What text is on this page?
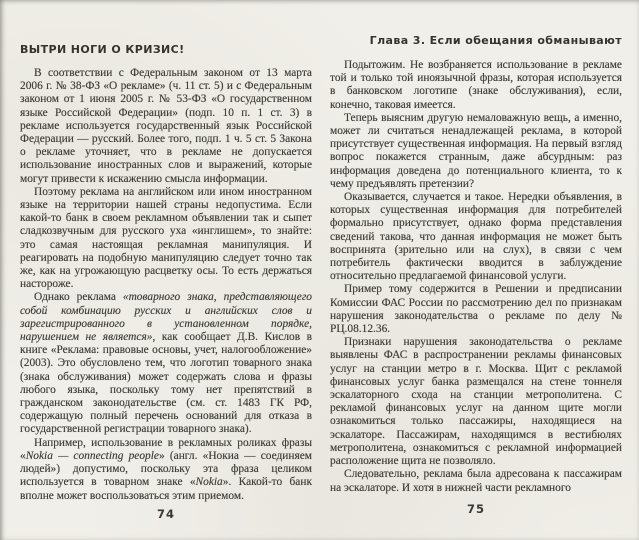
ВЫТРИ НОГИ О КРИЗИС!

В соответствии с Федеральным законом от 13 марта 2006 г. № 38-ФЗ «О рекламе» (ч. 11 ст. 5) и с Федеральным законом от 1 июня 2005 г. № 53-ФЗ «О государственном языке Российской Федерации» (подп. 10 п. 1 ст. 3) в рекламе используется государственный язык Российской Федерации — русский. Более того, подп. 1 ч. 5 ст. 5 Закона о рекламе уточняет, что в рекламе не допускается использование иностранных слов и выражений, которые могут привести к искажению смысла информации.

Поэтому реклама на английском или ином иностранном языке на территории нашей страны недопустима. Если какой-то банк в своем рекламном объявлении так и сыпет сладкозвучным для русского уха «инглишем», то знайте: это самая настоящая рекламная манипуляция. И реагировать на подобную манипуляцию следует точно так же, как на угрожающую расцветку осы. То есть держаться настороже.

Однако реклама «товарного знака, представляющего собой комбинацию русских и английских слов и зарегистрированного в установленном порядке, нарушением не является», как сообщает Д.В. Кислов в книге «Реклама: правовые основы, учет, налогообложение» (2003). Это обусловлено тем, что логотип товарного знака (знака обслуживания) может содержать слова и фразы любого языка, поскольку тому нет препятствий в гражданском законодательстве (см. ст. 1483 ГК РФ, содержащую полный перечень оснований для отказа в государственной регистрации товарного знака).

Например, использование в рекламных роликах фразы «Nokia — connecting people» (англ. «Нокиа — соединяем людей») допустимо, поскольку эта фраза целиком используется в товарном знаке «Nokia». Какой-то банк вполне может воспользоваться этим приемом.

74
Глава 3. Если обещания обманывают

Подытожим. Не возбраняется использование в рекламе той и только той иноязычной фразы, которая используется в банковском логотипе (знаке обслуживания), если, конечно, таковая имеется.

Теперь выясним другую немаловажную вещь, а именно, может ли считаться ненадлежащей реклама, в которой присутствует существенная информация. На первый взгляд вопрос покажется странным, даже абсурдным: раз информация доведена до потенциального клиента, то к чему предъявлять претензии?

Оказывается, случается и такое. Нередки объявления, в которых существенная информация для потребителей формально присутствует, однако форма представления сведений такова, что данная информация не может быть воспринята (зрительно или на слух), в связи с чем потребитель фактически вводится в заблуждение относительно предлагаемой финансовой услуги.

Пример тому содержится в Решении и предписании Комиссии ФАС России по рассмотрению дел по признакам нарушения законодательства о рекламе по делу № РЦ.08.12.36.

Признаки нарушения законодательства о рекламе выявлены ФАС в распространении рекламы финансовых услуг на станции метро в г. Москва. Щит с рекламой финансовых услуг банка размещался на стене тоннеля эскалаторного схода на станции метрополитена. С рекламой финансовых услуг на данном щите могли ознакомиться только пассажиры, находящиеся на эскалаторе. Пассажирам, находящимся в вестибюлях метрополитена, ознакомиться с рекламной информацией расположение щита не позволяло.

Следовательно, реклама была адресована к пассажирам на эскалаторе. И хотя в нижней части рекламного

75
